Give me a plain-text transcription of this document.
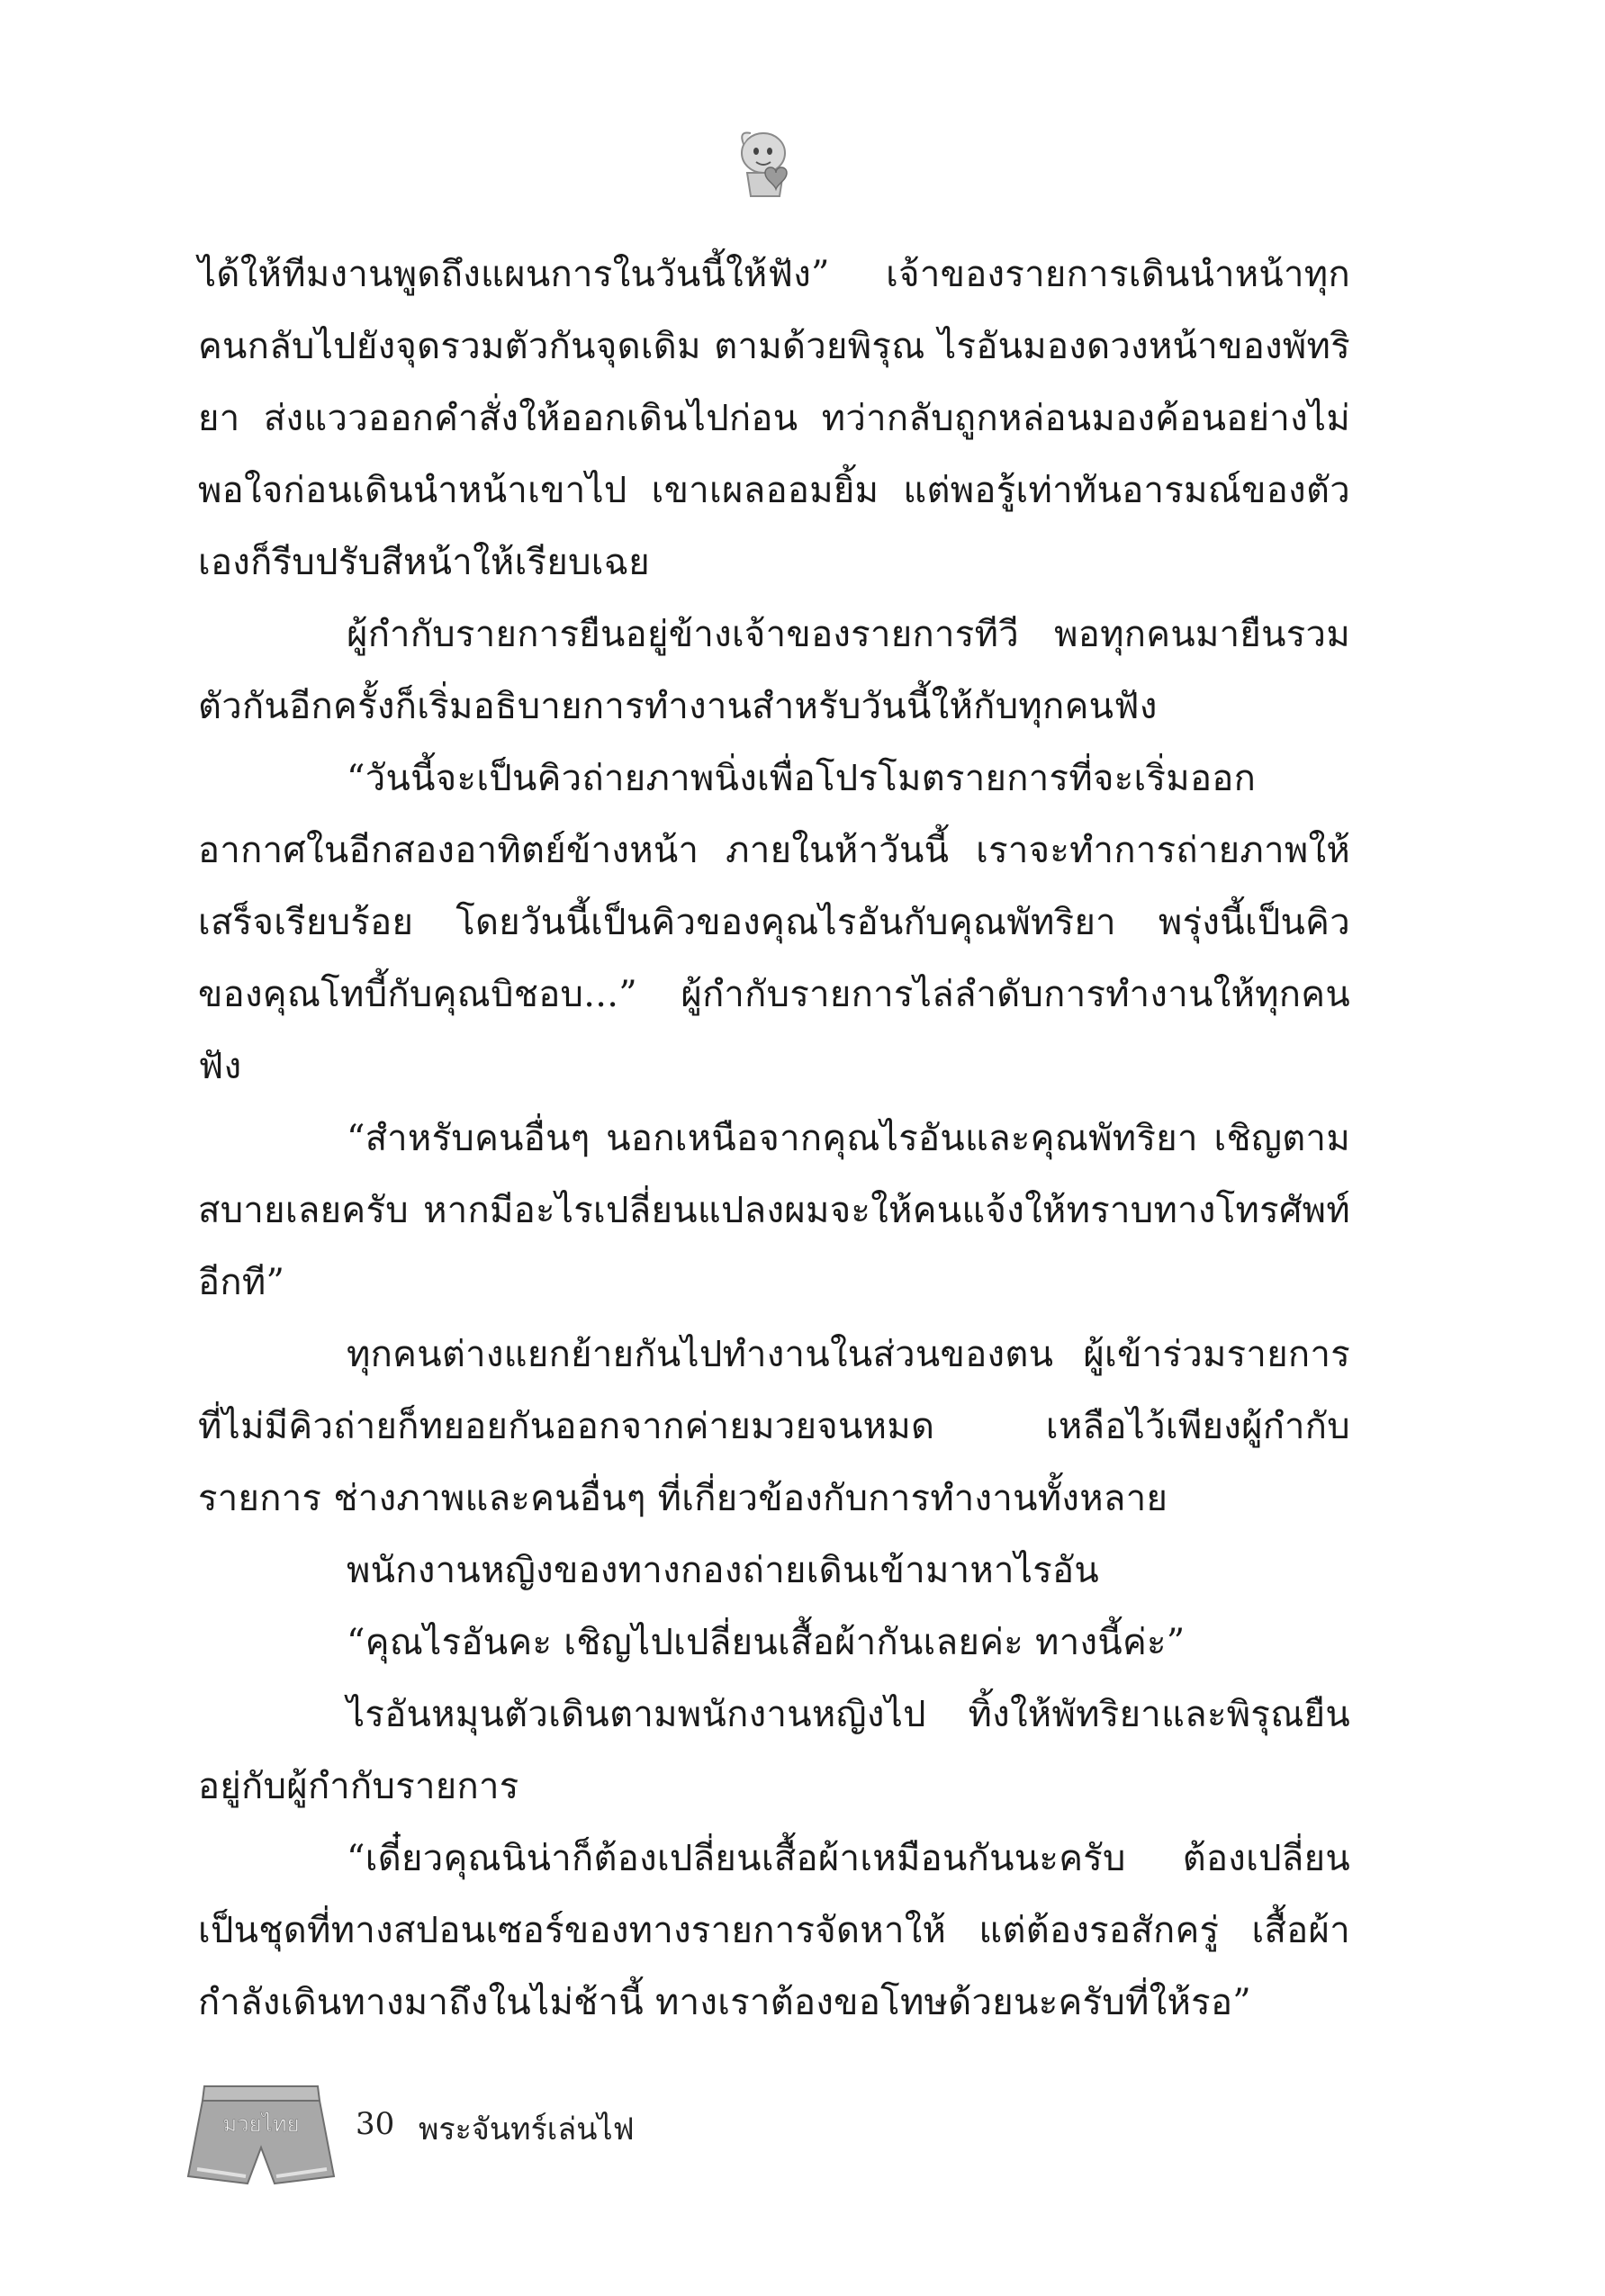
ได้ให้ทีมงานพูดถึงแผนการในวันนี้ให้ฟัง” เจ้าของรายการเดินนำหน้าทุกคนกลับไปยังจุดรวมตัวกันจุดเดิม ตามด้วยพิรุณ ไรอันมองดวงหน้าของพัทริยา ส่งแววออกคำสั่งให้ออกเดินไปก่อน ทว่ากลับถูกหล่อนมองค้อนอย่างไม่พอใจก่อนเดินนำหน้าเขาไป เขาเผลออมยิ้ม แต่พอรู้เท่าทันอารมณ์ของตัวเองก็รีบปรับสีหน้าให้เรียบเฉย

ผู้กำกับรายการยืนอยู่ข้างเจ้าของรายการทีวี พอทุกคนมายืนรวมตัวกันอีกครั้งก็เริ่มอธิบายการทำงานสำหรับวันนี้ให้กับทุกคนฟัง

“วันนี้จะเป็นคิวถ่ายภาพนิ่งเพื่อโปรโมตรายการที่จะเริ่มออกอากาศในอีกสองอาทิตย์ข้างหน้า ภายในห้าวันนี้ เราจะทำการถ่ายภาพให้เสร็จเรียบร้อย โดยวันนี้เป็นคิวของคุณไรอันกับคุณพัทริยา พรุ่งนี้เป็นคิวของคุณโทบี้กับคุณบิชอบ...” ผู้กำกับรายการไล่ลำดับการทำงานให้ทุกคนฟัง

“สำหรับคนอื่นๆ นอกเหนือจากคุณไรอันและคุณพัทริยา เชิญตามสบายเลยครับ หากมีอะไรเปลี่ยนแปลงผมจะให้คนแจ้งให้ทราบทางโทรศัพท์อีกที”

ทุกคนต่างแยกย้ายกันไปทำงานในส่วนของตน ผู้เข้าร่วมรายการที่ไม่มีคิวถ่ายก็ทยอยกันออกจากค่ายมวยจนหมด เหลือไว้เพียงผู้กำกับรายการ ช่างภาพและคนอื่นๆ ที่เกี่ยวข้องกับการทำงานทั้งหลาย

พนักงานหญิงของทางกองถ่ายเดินเข้ามาหาไรอัน

“คุณไรอันคะ เชิญไปเปลี่ยนเสื้อผ้ากันเลยค่ะ ทางนี้ค่ะ”

ไรอันหมุนตัวเดินตามพนักงานหญิงไป ทิ้งให้พัทริยาและพิรุณยืนอยู่กับผู้กำกับรายการ

“เดี๋ยวคุณนิน่าก็ต้องเปลี่ยนเสื้อผ้าเหมือนกันนะครับ ต้องเปลี่ยนเป็นชุดที่ทางสปอนเซอร์ของทางรายการจัดหาให้ แต่ต้องรอสักครู่ เสื้อผ้ากำลังเดินทางมาถึงในไม่ช้านี้ ทางเราต้องขอโทษด้วยนะครับที่ให้รอ”

มวยไทย 30 พระจันทร์เล่นไฟ
